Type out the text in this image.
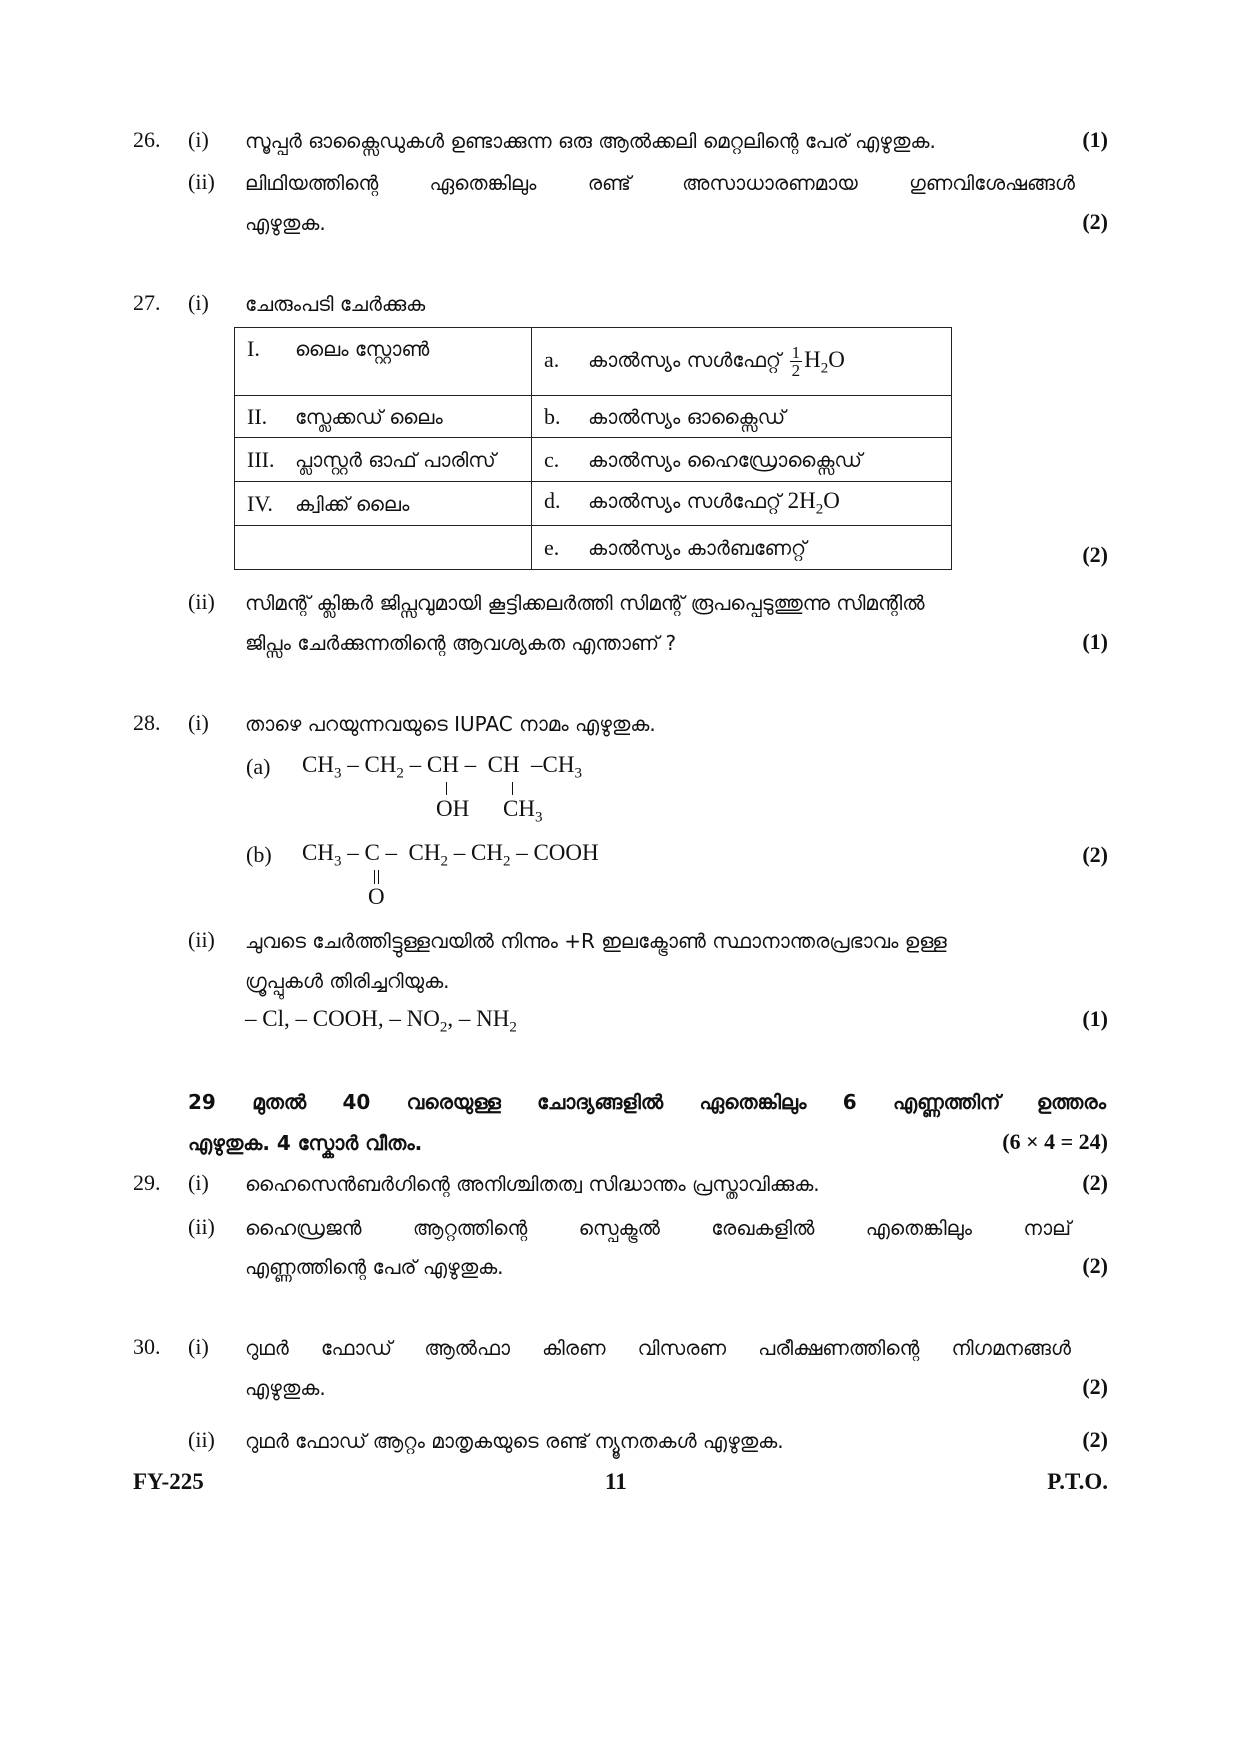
26. (i) സൂപ്പർ ഓക്സൈഡുകൾ ഉണ്ടാക്കുന്ന ഒരു ആൽക്കലി മെറ്റലിന്റെ പേര് എഴുതുക.	(1)
(ii) ലിഥിയത്തിന്റെ	ഏതെങ്കിലും	രണ്ട്	അസാധാരണമായ	ഗുണവിശേഷങ്ങൾ
എഴുതുക.	(2)
27. (i) ചേരുംപടി ചേർക്കുക
I. ലൈം സ്റ്റോൺ	a. കാൽസ്യം സൾഫേറ്റ് $\frac{1}{2} H_2O$
II. സ്ലേക്കഡ് ലൈം	b. കാൽസ്യം ഓക്സൈഡ്
III. പ്ലാസ്റ്റർ ഓഫ് പാരിസ്	c. കാൽസ്യം ഹൈഡ്രോക്സൈഡ്
IV. ക്വിക്ക് ലൈം	d. കാൽസ്യം സൾഫേറ്റ് $2H_2O$
	e. കാൽസ്യം കാർബണേറ്റ്	(2)
(ii) സിമന്റ് ക്ലിങ്കർ ജിപ്സവുമായി കൂട്ടിക്കലർത്തി സിമന്റ് രൂപപ്പെടുത്തുന്നു സിമന്റിൽ
ജിപ്സം ചേർക്കുന്നതിന്റെ ആവശ്യകത എന്താണ് ?	(1)
28. (i) താഴെ പറയുന്നവയുടെ IUPAC നാമം എഴുതുക.
(a) $CH_3 - CH_2$ – CH –  CH  $-CH_3$
OH $CH_3$
(b) $CH_3$ – C –  $CH_2 - CH_2$ – COOH
O
(2)
(ii) ചുവടെ ചേർത്തിട്ടുള്ളവയിൽ നിന്നും +R ഇലക്ട്രോൺ സ്ഥാനാന്തരപ്രഭാവം ഉള്ള
ഗ്രൂപ്പുകൾ തിരിച്ചറിയുക.
– Cl, – COOH, – $NO_2$, – $NH_2$	(1)
29 മുതൽ 40 വരെയുള്ള ചോദ്യങ്ങളിൽ ഏതെങ്കിലും 6 എണ്ണത്തിന് ഉത്തരം
എഴുതുക. 4 സ്കോർ വീതം.	(6 × 4 = 24)
29. (i) ഹൈസെൻബർഗിന്റെ അനിശ്ചിതത്വ സിദ്ധാന്തം പ്രസ്താവിക്കുക.	(2)
(ii) ഹൈഡ്രജൻ	ആറ്റത്തിന്റെ	സ്പെക്ട്രൽ	രേഖകളിൽ	എതെങ്കിലും	നാല്
എണ്ണത്തിന്റെ പേര് എഴുതുക.	(2)
30. (i) റുഥർ ഫോഡ് ആൽഫാ കിരണ വിസരണ പരീക്ഷണത്തിന്റെ നിഗമനങ്ങൾ
എഴുതുക.	(2)
(ii) റുഥർ ഫോഡ് ആറ്റം മാതൃകയുടെ രണ്ട് ന്യൂനതകൾ എഴുതുക.	(2)
FY-225	11	P.T.O.
